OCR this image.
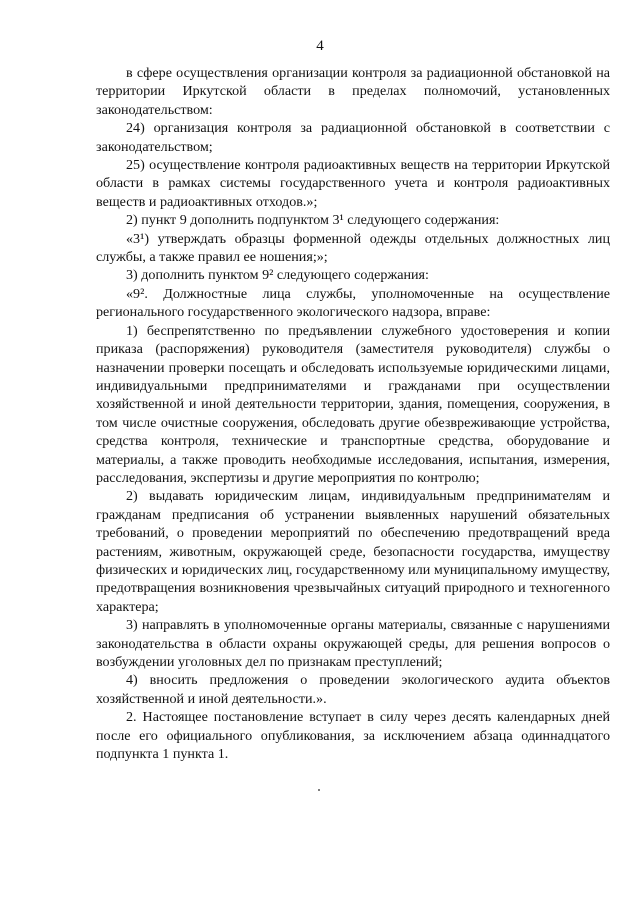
4

в сфере осуществления организации контроля за радиационной обстановкой на территории Иркутской области в пределах полномочий, установленных законодательством:

24) организация контроля за радиационной обстановкой в соответствии с законодательством;

25) осуществление контроля радиоактивных веществ на территории Иркутской области в рамках системы государственного учета и контроля радиоактивных веществ и радиоактивных отходов.»;

2) пункт 9 дополнить подпунктом 3¹ следующего содержания:

«3¹) утверждать образцы форменной одежды отдельных должностных лиц службы, а также правил ее ношения;»;

3) дополнить пунктом 9² следующего содержания:

«9². Должностные лица службы, уполномоченные на осуществление регионального государственного экологического надзора, вправе:

1) беспрепятственно по предъявлении служебного удостоверения и копии приказа (распоряжения) руководителя (заместителя руководителя) службы о назначении проверки посещать и обследовать используемые юридическими лицами, индивидуальными предпринимателями и гражданами при осуществлении хозяйственной и иной деятельности территории, здания, помещения, сооружения, в том числе очистные сооружения, обследовать другие обезвреживающие устройства, средства контроля, технические и транспортные средства, оборудование и материалы, а также проводить необходимые исследования, испытания, измерения, расследования, экспертизы и другие мероприятия по контролю;

2) выдавать юридическим лицам, индивидуальным предпринимателям и гражданам предписания об устранении выявленных нарушений обязательных требований, о проведении мероприятий по обеспечению предотвращений вреда растениям, животным, окружающей среде, безопасности государства, имуществу физических и юридических лиц, государственному или муниципальному имуществу, предотвращения возникновения чрезвычайных ситуаций природного и техногенного характера;

3) направлять в уполномоченные органы материалы, связанные с нарушениями законодательства в области охраны окружающей среды, для решения вопросов о возбуждении уголовных дел по признакам преступлений;

4) вносить предложения о проведении экологического аудита объектов хозяйственной и иной деятельности.».

2. Настоящее постановление вступает в силу через десять календарных дней после его официального опубликования, за исключением абзаца одиннадцатого подпункта 1 пункта 1.
